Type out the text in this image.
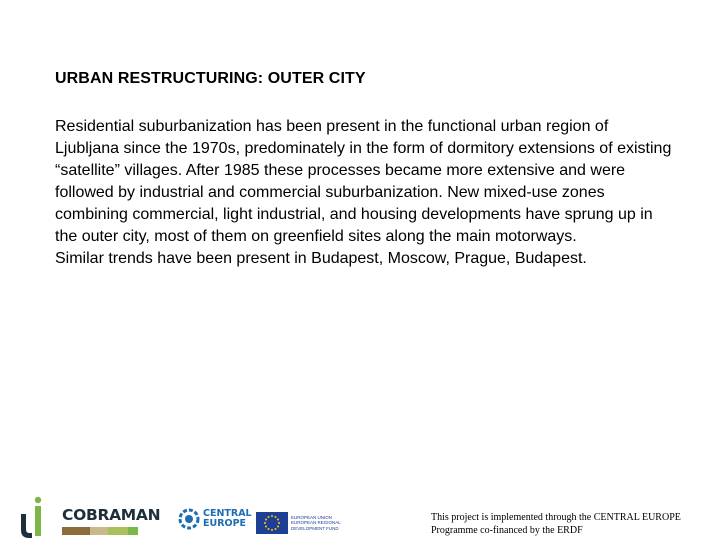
URBAN RESTRUCTURING: OUTER CITY

Residential suburbanization has been present in the functional urban region of Ljubljana since the 1970s, predominately in the form of dormitory extensions of existing “satellite” villages. After 1985 these processes became more extensive and were followed by industrial and commercial suburbanization. New mixed-use zones combining commercial, light industrial, and housing developments have sprung up in the outer city, most of them on greenfield sites along the main motorways.

Similar trends have been present in Budapest, Moscow, Prague, Budapest.

COBRAMAN	CENTRAL
EUROPE
EUROPEAN UNION
EUROPEAN REGIONAL
DEVELOPMENT FUND
This project is implemented through the CENTRAL EUROPE Programme co-financed by the ERDF
